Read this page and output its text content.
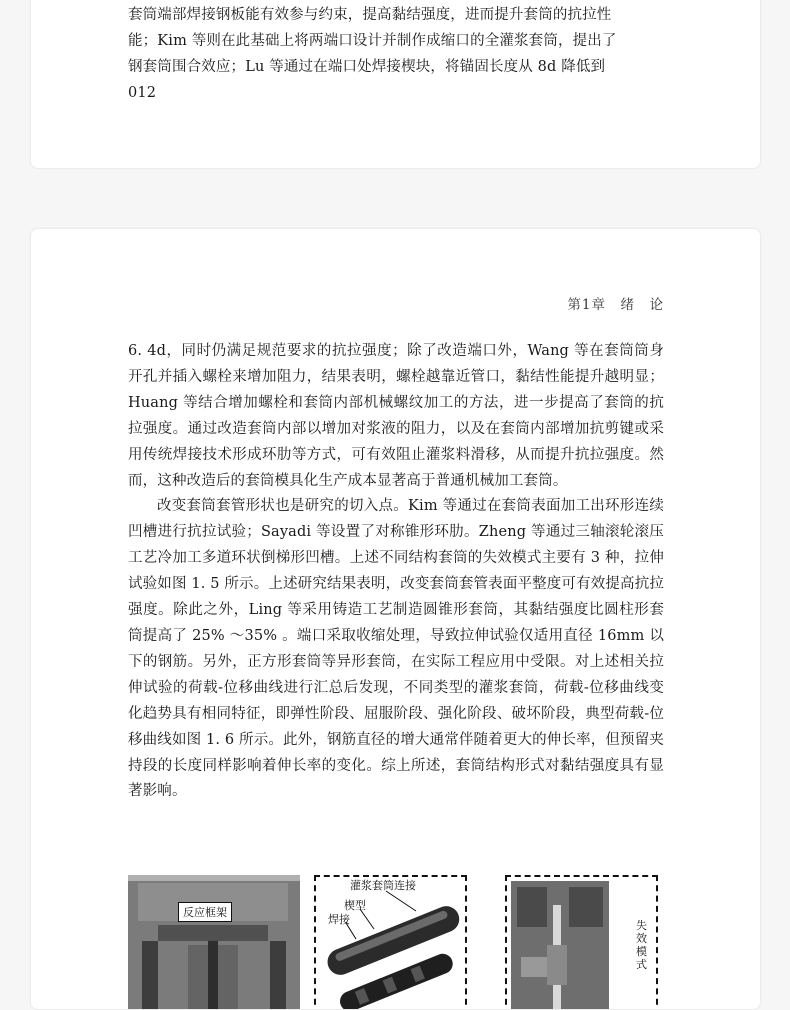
套筒端部焊接钢板能有效参与约束，提高黏结强度，进而提升套筒的抗拉性

能；Kim 等则在此基础上将两端口设计并制作成缩口的全灌浆套筒，提出了

钢套筒围合效应；Lu 等通过在端口处焊接楔块，将锚固长度从 8d 降低到

012

第1章　绪　论

6. 4d，同时仍满足规范要求的抗拉强度；除了改造端口外，Wang 等在套筒筒身开孔并插入螺栓来增加阻力，结果表明，螺栓越靠近管口，黏结性能提升越明显；Huang 等结合增加螺栓和套筒内部机械螺纹加工的方法，进一步提高了套筒的抗拉强度。通过改造套筒内部以增加对浆液的阻力，以及在套筒内部增加抗剪键或采用传统焊接技术形成环肋等方式，可有效阻止灌浆料滑移，从而提升抗拉强度。然而，这种改造后的套筒模具化生产成本显著高于普通机械加工套筒。

改变套筒套管形状也是研究的切入点。Kim 等通过在套筒表面加工出环形连续凹槽进行抗拉试验；Sayadi 等设置了对称锥形环肋。Zheng 等通过三轴滚轮滚压工艺冷加工多道环状倒梯形凹槽。上述不同结构套筒的失效模式主要有 3 种，拉伸试验如图 1. 5 所示。上述研究结果表明，改变套筒套管表面平整度可有效提高抗拉强度。除此之外，Ling 等采用铸造工艺制造圆锥形套筒，其黏结强度比圆柱形套筒提高了 25% ～35% 。端口采取收缩处理，导致拉伸试验仅适用直径 16mm 以下的钢筋。另外，正方形套筒等异形套筒，在实际工程应用中受限。对上述相关拉伸试验的荷载-位移曲线进行汇总后发现，不同类型的灌浆套筒，荷载-位移曲线变化趋势具有相同特征，即弹性阶段、屈服阶段、强化阶段、破坏阶段，典型荷载-位移曲线如图 1. 6 所示。此外，钢筋直径的增大通常伴随着更大的伸长率，但预留夹持段的长度同样影响着伸长率的变化。综上所述，套筒结构形式对黏结强度具有显著影响。

反应框架
灌浆套筒连接
楔型
焊接	失效模式
